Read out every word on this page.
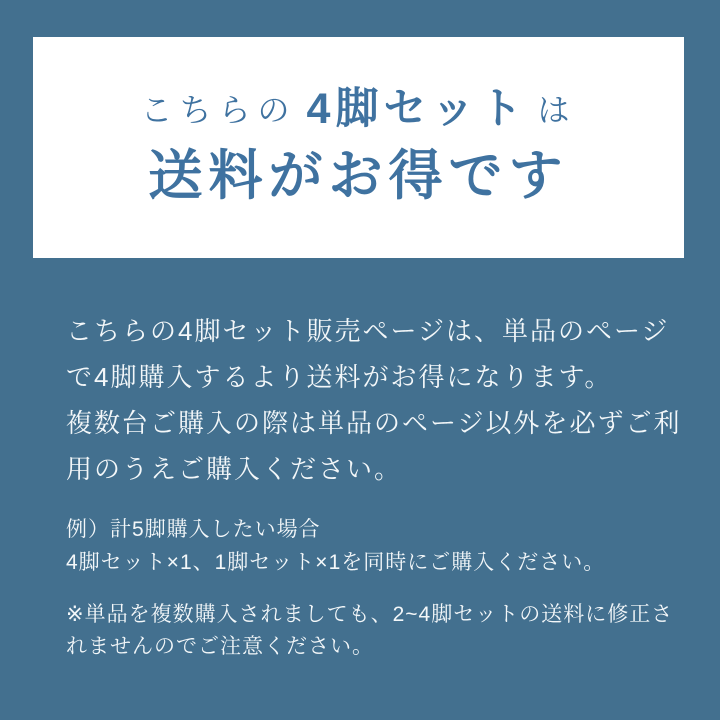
こちらの 4脚セット は
送料がお得です
こちらの4脚セット販売ページは、単品のページ
で4脚購入するより送料がお得になります。
複数台ご購入の際は単品のページ以外を必ずご利
用のうえご購入ください。
例）計5脚購入したい場合
4脚セット×1、1脚セット×1を同時にご購入ください。
※単品を複数購入されましても、2~4脚セットの送料に修正さ
れませんのでご注意ください。
